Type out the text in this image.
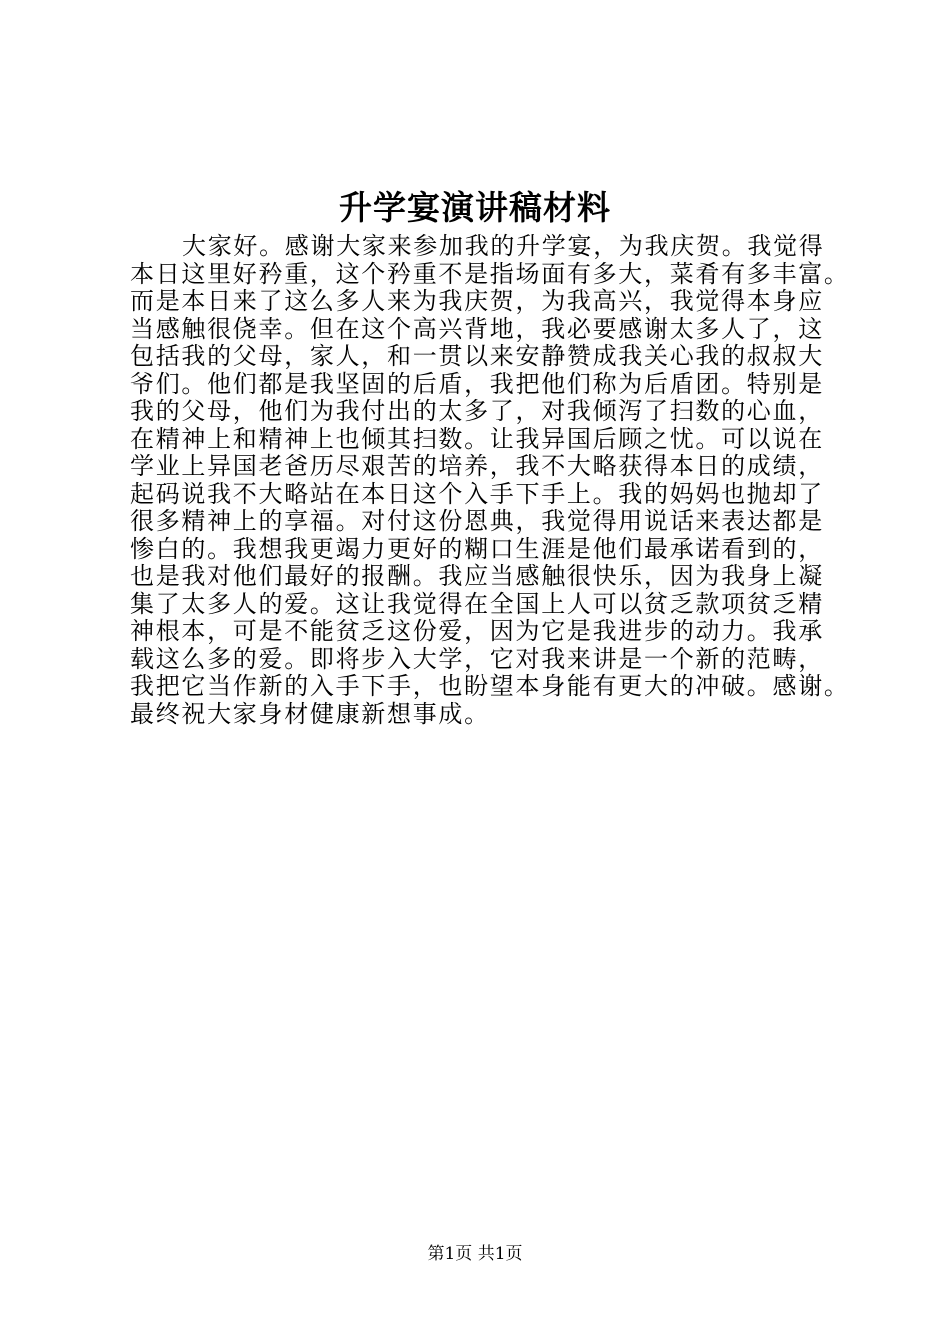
升学宴演讲稿材料
大家好。感谢大家来参加我的升学宴，为我庆贺。我觉得
本日这里好矜重，这个矜重不是指场面有多大，菜肴有多丰富。
而是本日来了这么多人来为我庆贺，为我高兴，我觉得本身应
当感触很侥幸。但在这个高兴背地，我必要感谢太多人了，这
包括我的父母，家人，和一贯以来安静赞成我关心我的叔叔大
爷们。他们都是我坚固的后盾，我把他们称为后盾团。特别是
我的父母，他们为我付出的太多了，对我倾泻了扫数的心血，
在精神上和精神上也倾其扫数。让我异国后顾之忧。可以说在
学业上异国老爸历尽艰苦的培养，我不大略获得本日的成绩，
起码说我不大略站在本日这个入手下手上。我的妈妈也抛却了
很多精神上的享福。对付这份恩典，我觉得用说话来表达都是
惨白的。我想我更竭力更好的糊口生涯是他们最承诺看到的，
也是我对他们最好的报酬。我应当感触很快乐，因为我身上凝
集了太多人的爱。这让我觉得在全国上人可以贫乏款项贫乏精
神根本，可是不能贫乏这份爱，因为它是我进步的动力。我承
载这么多的爱。即将步入大学，它对我来讲是一个新的范畴，
我把它当作新的入手下手，也盼望本身能有更大的冲破。感谢。
最终祝大家身材健康新想事成。
第1页 共1页
